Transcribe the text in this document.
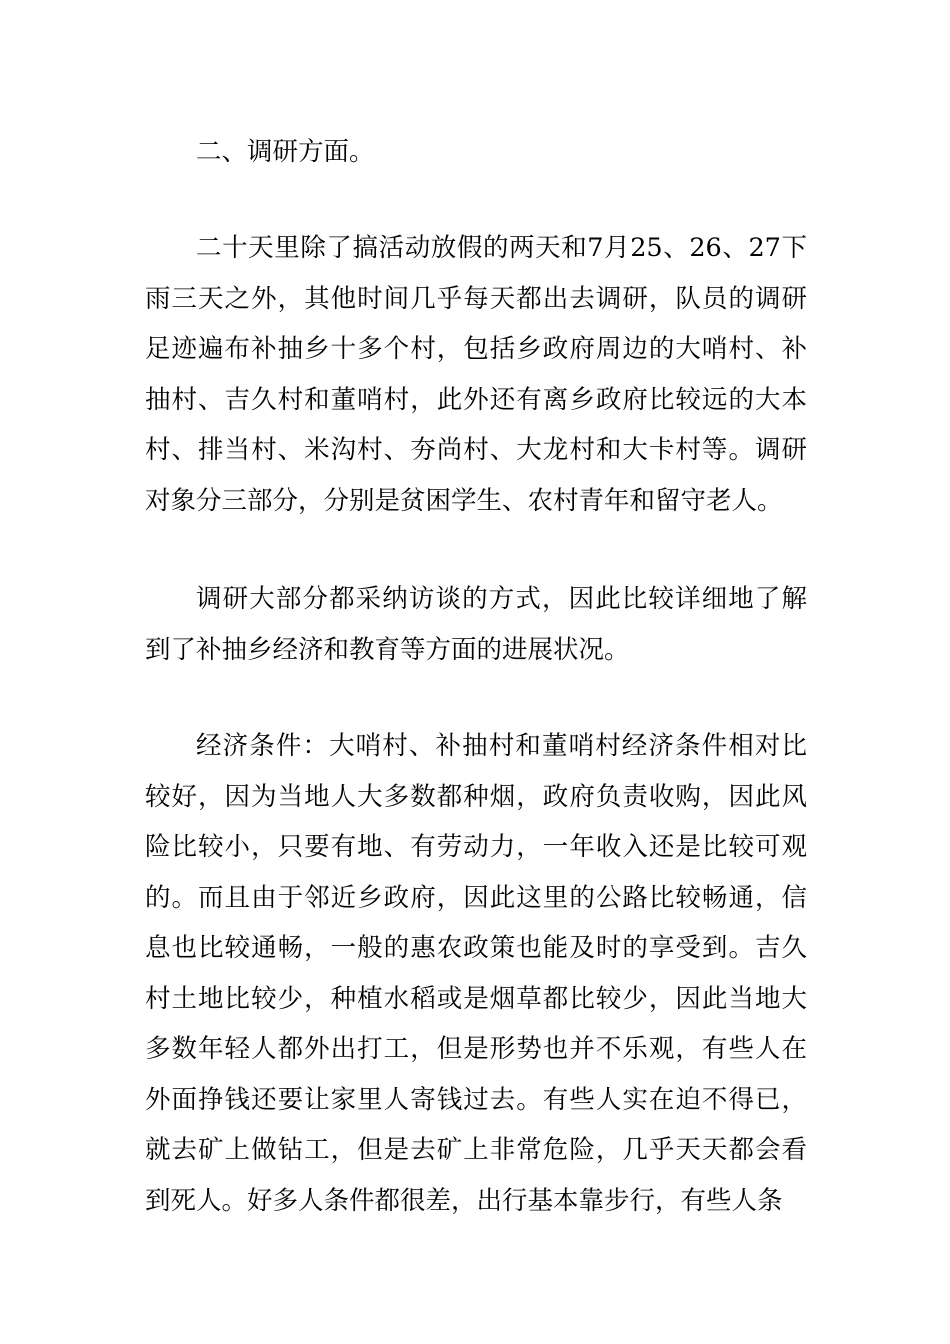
二、调研方面。

二十天里除了搞活动放假的两天和7月25、26、27下雨三天之外，其他时间几乎每天都出去调研，队员的调研足迹遍布补抽乡十多个村，包括乡政府周边的大哨村、补抽村、吉久村和董哨村，此外还有离乡政府比较远的大本村、排当村、米沟村、夯尚村、大龙村和大卡村等。调研对象分三部分，分别是贫困学生、农村青年和留守老人。

调研大部分都采纳访谈的方式，因此比较详细地了解到了补抽乡经济和教育等方面的进展状况。

经济条件：大哨村、补抽村和董哨村经济条件相对比较好，因为当地人大多数都种烟，政府负责收购，因此风险比较小，只要有地、有劳动力，一年收入还是比较可观的。而且由于邻近乡政府，因此这里的公路比较畅通，信息也比较通畅，一般的惠农政策也能及时的享受到。吉久村土地比较少，种植水稻或是烟草都比较少，因此当地大多数年轻人都外出打工，但是形势也并不乐观，有些人在外面挣钱还要让家里人寄钱过去。有些人实在迫不得已，就去矿上做钻工，但是去矿上非常危险，几乎天天都会看到死人。好多人条件都很差，出行基本靠步行，有些人条
